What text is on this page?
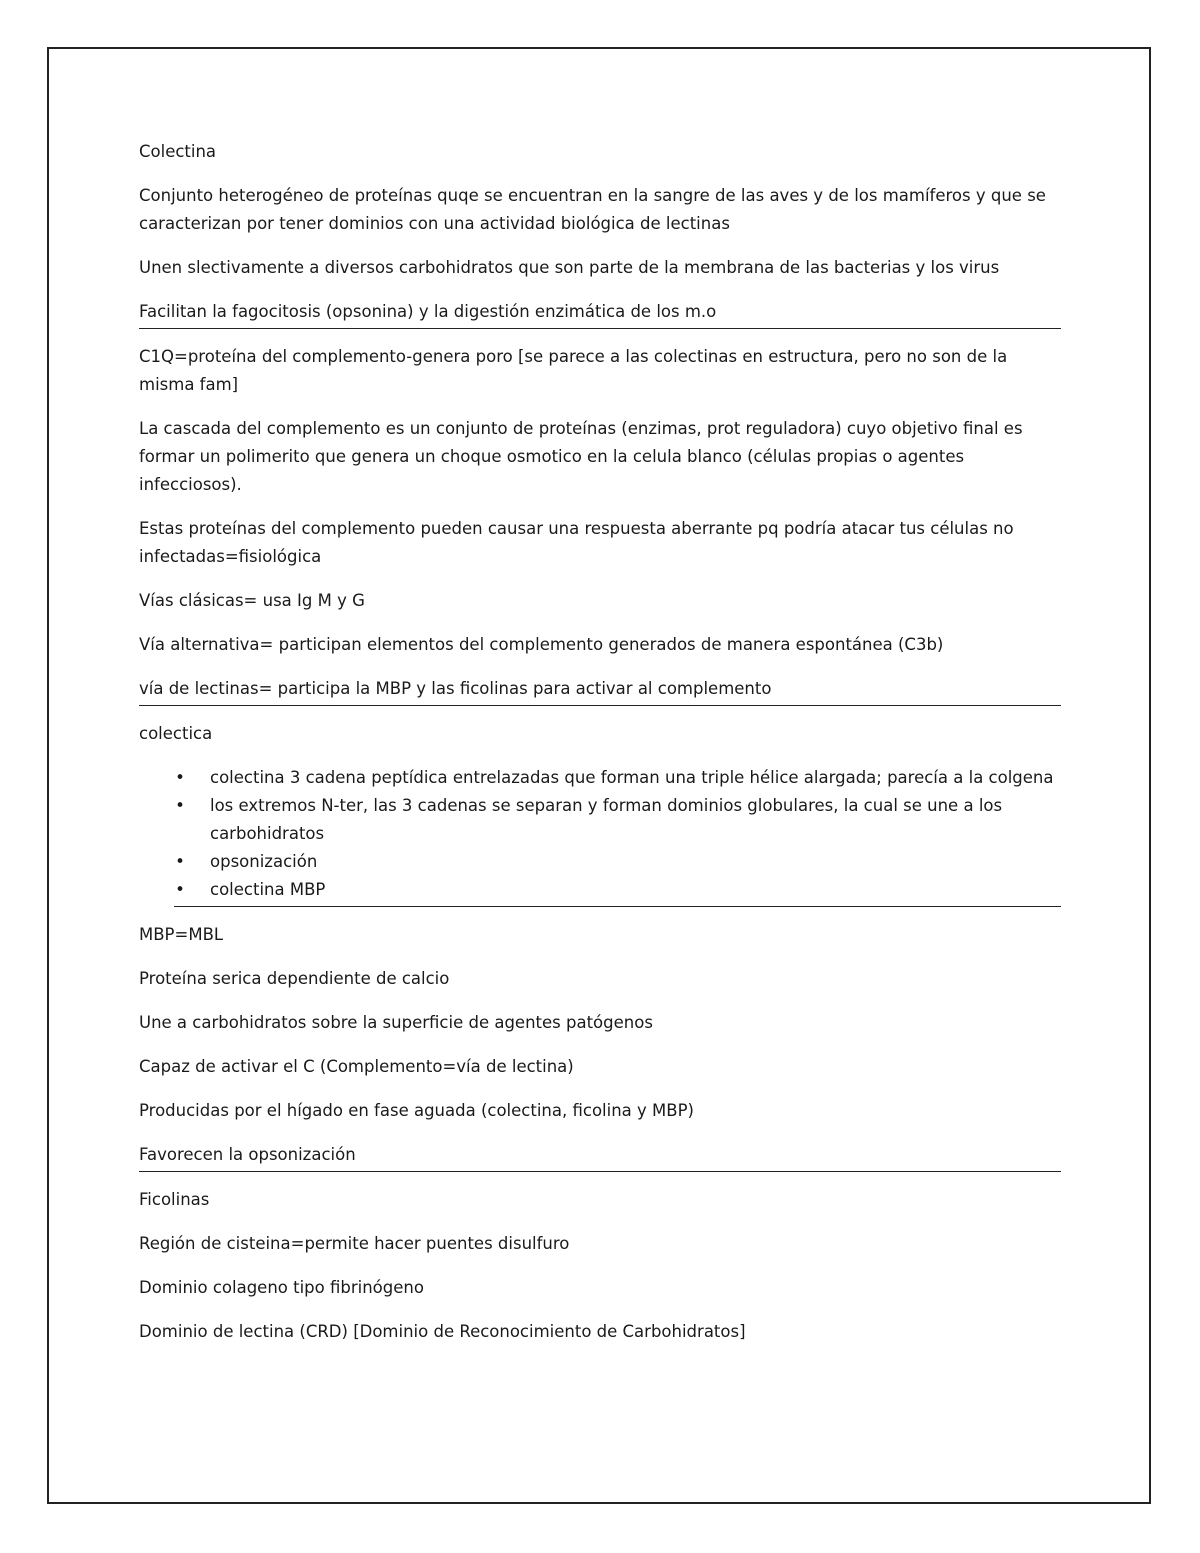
Colectina

Conjunto heterogéneo de proteínas quqe se encuentran en la sangre de las aves y de los mamíferos y que se caracterizan por tener dominios con una actividad biológica de lectinas

Unen slectivamente a diversos carbohidratos que son parte de la membrana de las bacterias y los virus

Facilitan la fagocitosis (opsonina) y la digestión enzimática de los m.o

C1Q=proteína del complemento-genera poro [se parece a las colectinas en estructura, pero no son de la misma fam]

La cascada del complemento es un conjunto de proteínas (enzimas, prot reguladora) cuyo objetivo final es formar un polimerito que genera un choque osmotico en la celula blanco (células propias o agentes infecciosos).

Estas proteínas del complemento pueden causar una respuesta aberrante pq podría atacar tus células no infectadas=fisiológica

Vías clásicas= usa Ig M y G

Vía alternativa= participan elementos del complemento generados de manera espontánea (C3b)

vía de lectinas= participa la MBP y las ficolinas para activar al complemento

colectica

• colectina 3 cadena peptídica entrelazadas que forman una triple hélice alargada; parecía a la colgena
• los extremos N-ter, las 3 cadenas se separan y forman dominios globulares, la cual se une a los carbohidratos
• opsonización
• colectina MBP

MBP=MBL

Proteína serica dependiente de calcio

Une a carbohidratos sobre la superficie de agentes patógenos

Capaz de activar el C (Complemento=vía de lectina)

Producidas por el hígado en fase aguada (colectina, ficolina y MBP)

Favorecen la opsonización

Ficolinas

Región de cisteina=permite hacer puentes disulfuro

Dominio colageno tipo fibrinógeno

Dominio de lectina (CRD) [Dominio de Reconocimiento de Carbohidratos]
